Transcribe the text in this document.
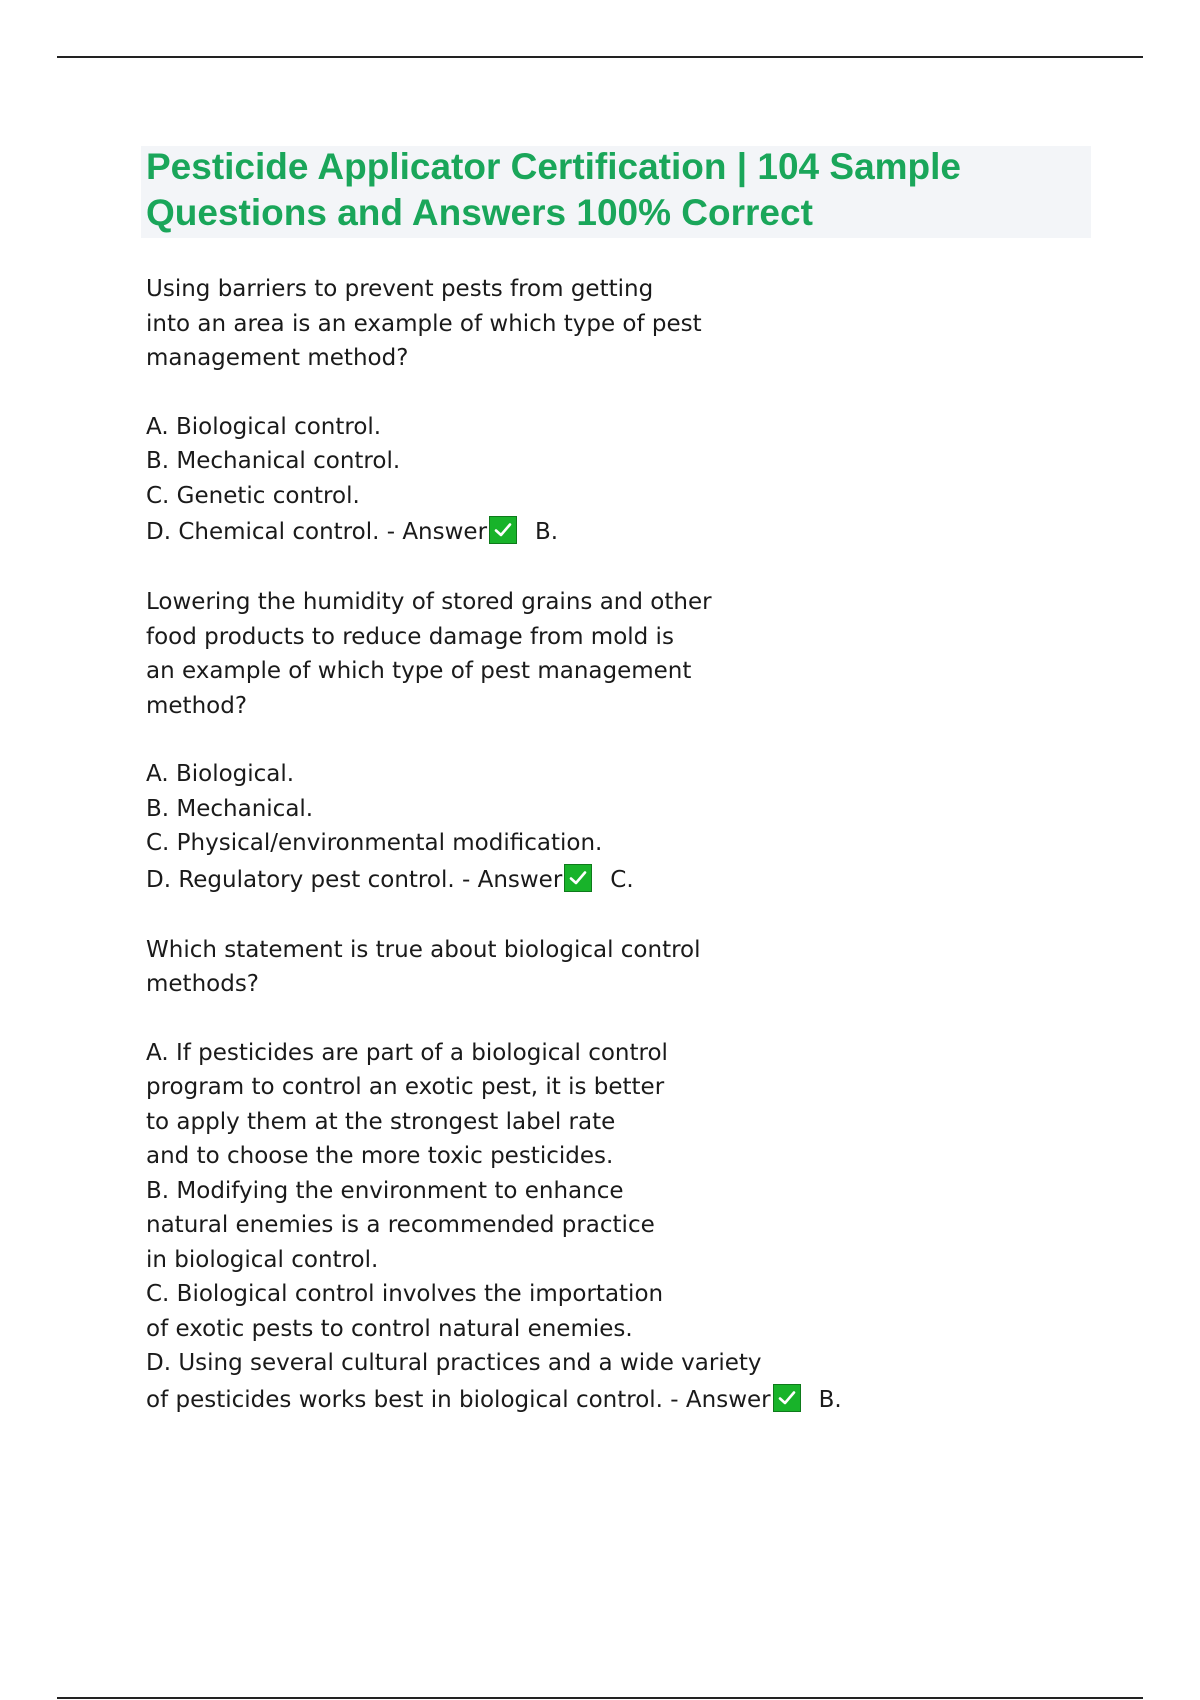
Pesticide Applicator Certification | 104 Sample Questions and Answers 100% Correct
Using barriers to prevent pests from getting
into an area is an example of which type of pest
management method?
A. Biological control.
B. Mechanical control.
C. Genetic control.
D. Chemical control. - Answer B.
Lowering the humidity of stored grains and other
food products to reduce damage from mold is
an example of which type of pest management
method?
A. Biological.
B. Mechanical.
C. Physical/environmental modification.
D. Regulatory pest control. - Answer C.
Which statement is true about biological control
methods?
A. If pesticides are part of a biological control
program to control an exotic pest, it is better
to apply them at the strongest label rate
and to choose the more toxic pesticides.
B. Modifying the environment to enhance
natural enemies is a recommended practice
in biological control.
C. Biological control involves the importation
of exotic pests to control natural enemies.
D. Using several cultural practices and a wide variety
of pesticides works best in biological control. - Answer B.
